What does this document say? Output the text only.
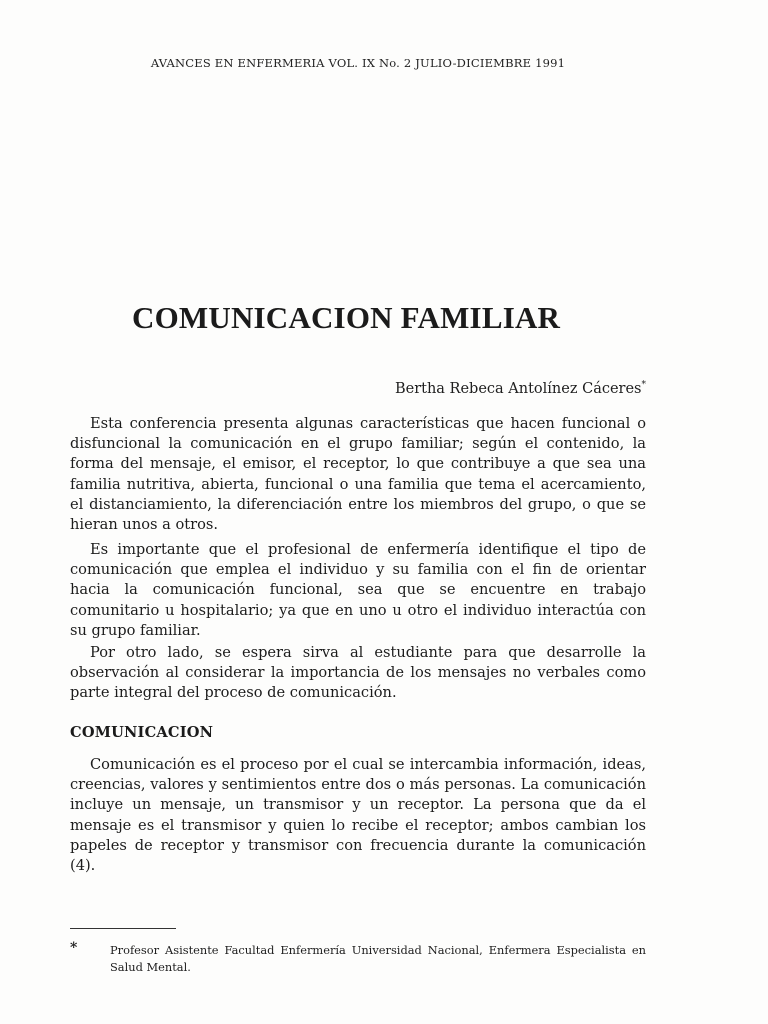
AVANCES EN ENFERMERIA VOL. IX No. 2 JULIO-DICIEMBRE 1991
COMUNICACION FAMILIAR
Bertha Rebeca Antolínez Cáceres*

Esta conferencia presenta algunas características que hacen funcional o disfuncional la comunicación en el grupo familiar; según el contenido, la forma del mensaje, el emisor, el receptor, lo que contribuye a que sea una familia nutritiva, abierta, funcional o una familia que tema el acercamiento, el distanciamiento, la diferenciación entre los miembros del grupo, o que se hieran unos a otros.

Es importante que el profesional de enfermería identifique el tipo de comunicación que emplea el individuo y su familia con el fin de orientar hacia la comunicación funcional, sea que se encuentre en trabajo comunitario u hospitalario; ya que en uno u otro el individuo interactúa con su grupo familiar.

Por otro lado, se espera sirva al estudiante para que desarrolle la observación al considerar la importancia de los mensajes no verbales como parte integral del proceso de comunicación.

COMUNICACION

Comunicación es el proceso por el cual se intercambia información, ideas, creencias, valores y sentimientos entre dos o más personas. La comunicación incluye un mensaje, un transmisor y un receptor. La persona que da el mensaje es el transmisor y quien lo recibe el receptor; ambos cambian los papeles de receptor y transmisor con frecuencia durante la comunicación (4).

*	Profesor Asistente Facultad Enfermería Universidad Nacional, Enfermera Especialista en Salud Mental.
